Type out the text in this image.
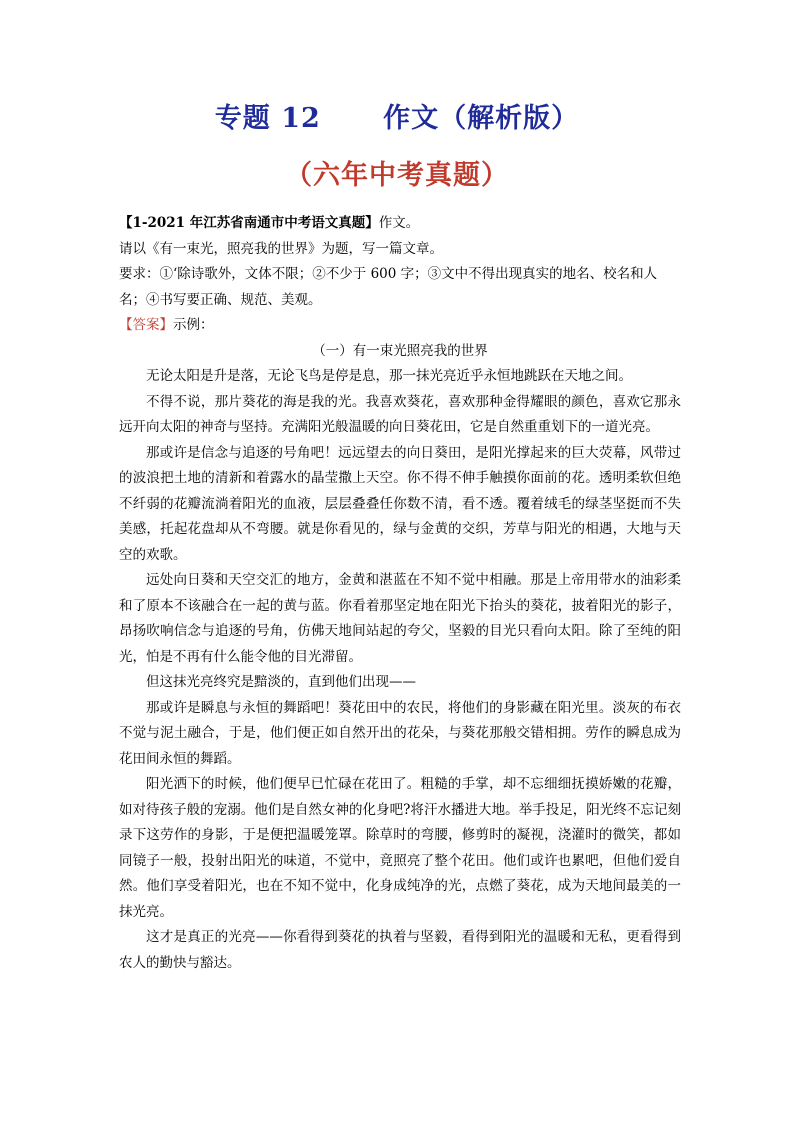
专题 12      作文（解析版）
（六年中考真题）

【1-2021 年江苏省南通市中考语文真题】作文。

请以《有一束光，照亮我的世界》为题，写一篇文章。

要求：①‘除诗歌外，文体不限；②不少于 600 字；③文中不得出现真实的地名、校名和人

名；④书写要正确、规范、美观。

【答案】示例：

（一）有一束光照亮我的世界

无论太阳是升是落，无论飞鸟是停是息，那一抹光亮近乎永恒地跳跃在天地之间。

不得不说，那片葵花的海是我的光。我喜欢葵花，喜欢那种金得耀眼的颜色，喜欢它那永远开向太阳的神奇与坚持。充满阳光般温暖的向日葵花田，它是自然重重划下的一道光亮。

那或许是信念与追逐的号角吧！远远望去的向日葵田，是阳光撑起来的巨大荧幕，风带过的波浪把土地的清新和着露水的晶莹撒上天空。你不得不伸手触摸你面前的花。透明柔软但绝不纤弱的花瓣流淌着阳光的血液，层层叠叠任你数不清，看不透。覆着绒毛的绿茎坚挺而不失美感，托起花盘却从不弯腰。就是你看见的，绿与金黄的交织，芳草与阳光的相遇，大地与天空的欢歌。

远处向日葵和天空交汇的地方，金黄和湛蓝在不知不觉中相融。那是上帝用带水的油彩柔和了原本不该融合在一起的黄与蓝。你看着那坚定地在阳光下抬头的葵花，披着阳光的影子，昂扬吹响信念与追逐的号角，仿佛天地间站起的夸父，坚毅的目光只看向太阳。除了至纯的阳光，怕是不再有什么能令他的目光滞留。

但这抹光亮终究是黯淡的，直到他们出现——

那或许是瞬息与永恒的舞蹈吧！葵花田中的农民，将他们的身影藏在阳光里。淡灰的布衣不觉与泥土融合，于是，他们便正如自然开出的花朵，与葵花那般交错相拥。劳作的瞬息成为花田间永恒的舞蹈。

阳光洒下的时候，他们便早已忙碌在花田了。粗糙的手掌，却不忘细细抚摸娇嫩的花瓣，如对待孩子般的宠溺。他们是自然女神的化身吧?将汗水播进大地。举手投足，阳光终不忘记刻录下这劳作的身影，于是便把温暖笼罩。除草时的弯腰，修剪时的凝视，浇灌时的微笑，都如同镜子一般，投射出阳光的味道，不觉中，竟照亮了整个花田。他们或许也累吧，但他们爱自然。他们享受着阳光，也在不知不觉中，化身成纯净的光，点燃了葵花，成为天地间最美的一抹光亮。

这才是真正的光亮——你看得到葵花的执着与坚毅，看得到阳光的温暖和无私，更看得到农人的勤快与豁达。
